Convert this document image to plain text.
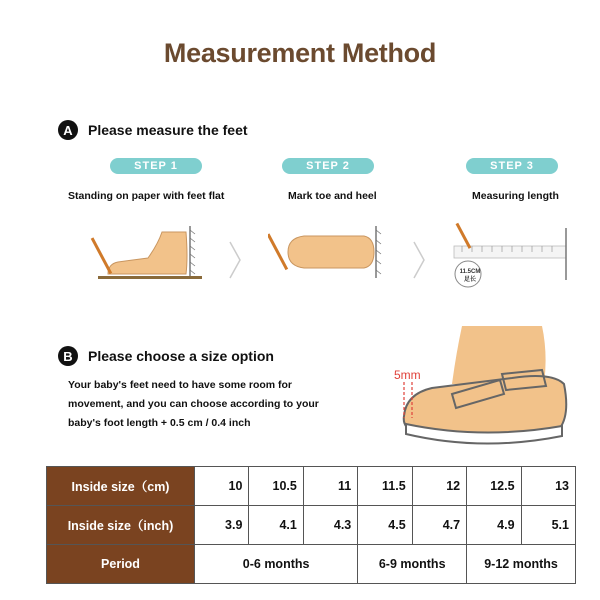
Measurement Method
A	Please measure the feet
STEP 1	STEP 2	STEP 3
Standing on paper with feet flat	Mark toe and heel	Measuring length
11.5CM
足长
B	Please choose a size option
Your baby's feet need to have some room for movement, and you can choose according to your baby's foot length + 0.5 cm / 0.4 inch
5mm
Inside size（cm)	10	10.5	11	11.5	12	12.5	13
Inside size（inch)	3.9	4.1	4.3	4.5	4.7	4.9	5.1
Period	0-6 months			6-9 months		9-12 months	
